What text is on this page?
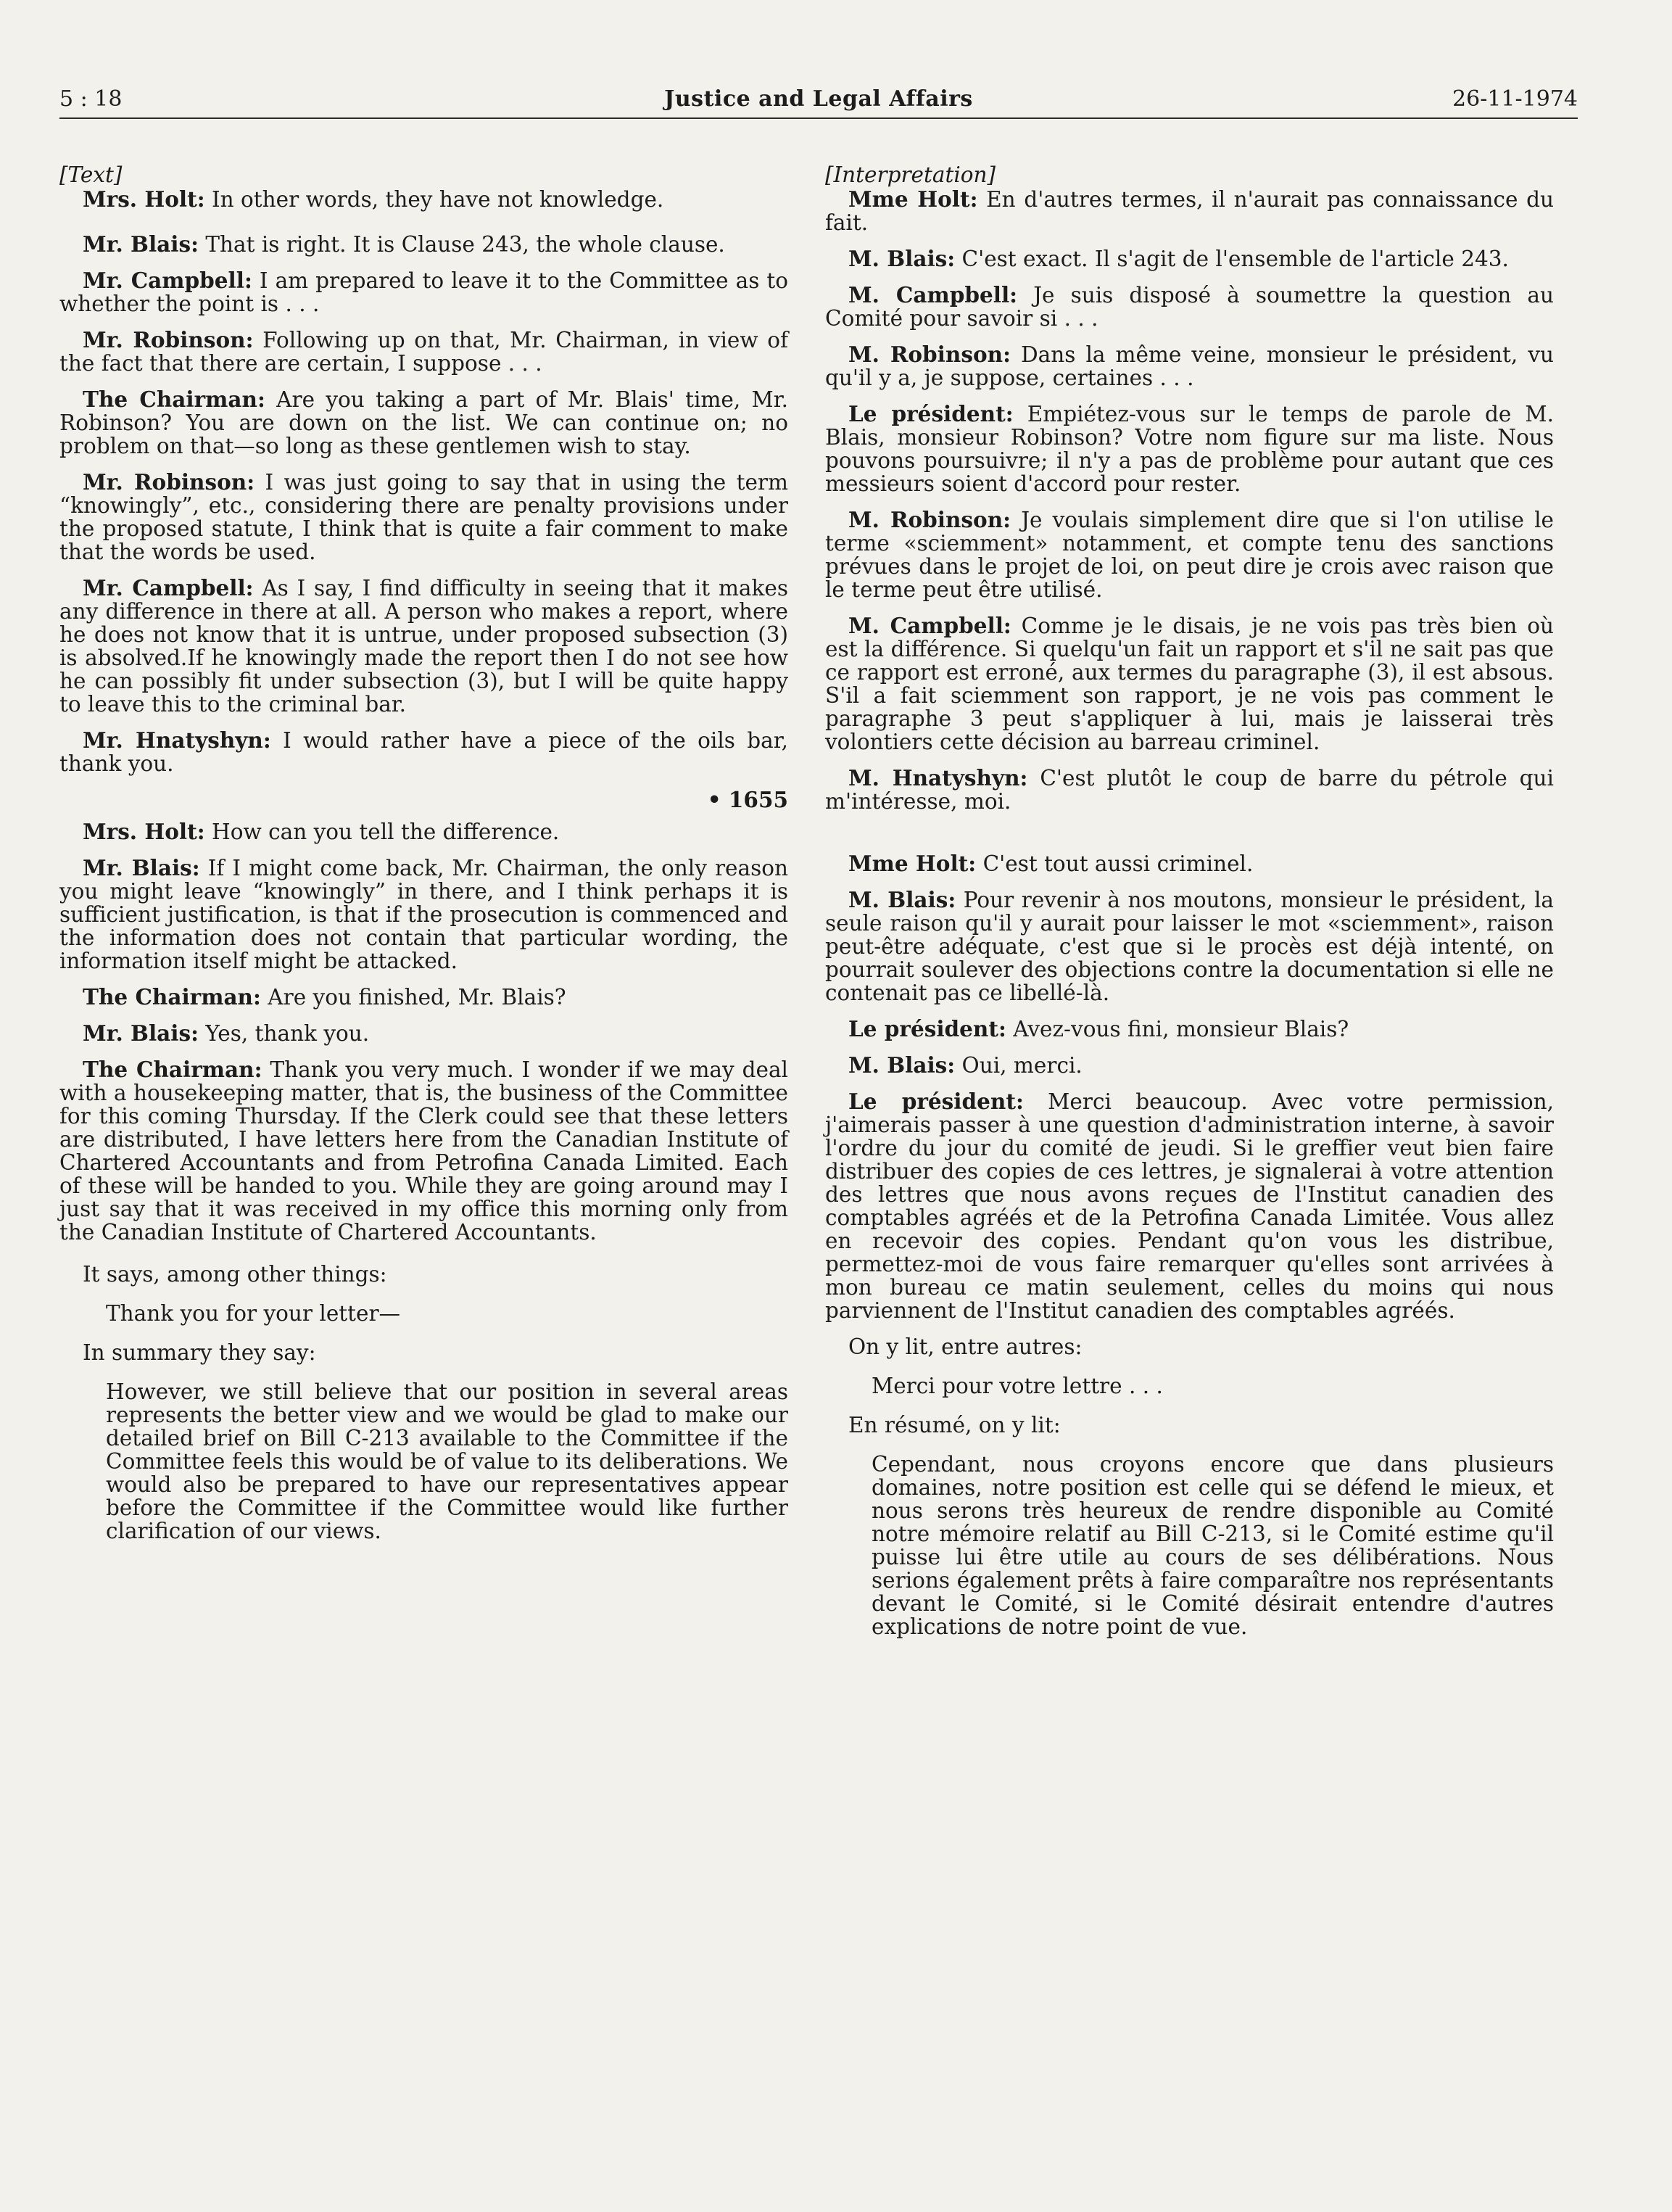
5 : 18	Justice and Legal Affairs	26-11-1974
[Text]

Mrs. Holt: In other words, they have not knowledge.

Mr. Blais: That is right. It is Clause 243, the whole clause.

Mr. Campbell: I am prepared to leave it to the Committee as to whether the point is . . .

Mr. Robinson: Following up on that, Mr. Chairman, in view of the fact that there are certain, I suppose . . .

The Chairman: Are you taking a part of Mr. Blais' time, Mr. Robinson? You are down on the list. We can continue on; no problem on that—so long as these gentlemen wish to stay.

Mr. Robinson: I was just going to say that in using the term “knowingly”, etc., considering there are penalty provisions under the proposed statute, I think that is quite a fair comment to make that the words be used.

Mr. Campbell: As I say, I find difficulty in seeing that it makes any difference in there at all. A person who makes a report, where he does not know that it is untrue, under proposed subsection (3) is absolved.If he knowingly made the report then I do not see how he can possibly fit under subsection (3), but I will be quite happy to leave this to the criminal bar.

Mr. Hnatyshyn: I would rather have a piece of the oils bar, thank you.

• 1655

Mrs. Holt: How can you tell the difference.

Mr. Blais: If I might come back, Mr. Chairman, the only reason you might leave “knowingly” in there, and I think perhaps it is sufficient justification, is that if the prosecution is commenced and the information does not contain that particular wording, the information itself might be attacked.

The Chairman: Are you finished, Mr. Blais?

Mr. Blais: Yes, thank you.

The Chairman: Thank you very much. I wonder if we may deal with a housekeeping matter, that is, the business of the Committee for this coming Thursday. If the Clerk could see that these letters are distributed, I have letters here from the Canadian Institute of Chartered Accountants and from Petrofina Canada Limited. Each of these will be handed to you. While they are going around may I just say that it was received in my office this morning only from the Canadian Institute of Chartered Accountants.

It says, among other things:
Thank you for your letter—
In summary they say:

However, we still believe that our position in several areas represents the better view and we would be glad to make our detailed brief on Bill C-213 available to the Committee if the Committee feels this would be of value to its deliberations. We would also be prepared to have our representatives appear before the Committee if the Committee would like further clarification of our views.

[Interpretation]

Mme Holt: En d'autres termes, il n'aurait pas connaissance du fait.

M. Blais: C'est exact. Il s'agit de l'ensemble de l'article 243.

M. Campbell: Je suis disposé à soumettre la question au Comité pour savoir si . . .

M. Robinson: Dans la même veine, monsieur le président, vu qu'il y a, je suppose, certaines . . .

Le président: Empiétez-vous sur le temps de parole de M. Blais, monsieur Robinson? Votre nom figure sur ma liste. Nous pouvons poursuivre; il n'y a pas de problème pour autant que ces messieurs soient d'accord pour rester.

M. Robinson: Je voulais simplement dire que si l'on utilise le terme «sciemment» notamment, et compte tenu des sanctions prévues dans le projet de loi, on peut dire je crois avec raison que le terme peut être utilisé.

M. Campbell: Comme je le disais, je ne vois pas très bien où est la différence. Si quelqu'un fait un rapport et s'il ne sait pas que ce rapport est erroné, aux termes du paragraphe (3), il est absous. S'il a fait sciemment son rapport, je ne vois pas comment le paragraphe 3 peut s'appliquer à lui, mais je laisserai très volontiers cette décision au barreau criminel.

M. Hnatyshyn: C'est plutôt le coup de barre du pétrole qui m'intéresse, moi.

Mme Holt: C'est tout aussi criminel.

M. Blais: Pour revenir à nos moutons, monsieur le président, la seule raison qu'il y aurait pour laisser le mot «sciemment», raison peut-être adéquate, c'est que si le procès est déjà intenté, on pourrait soulever des objections contre la documentation si elle ne contenait pas ce libellé-là.

Le président: Avez-vous fini, monsieur Blais?

M. Blais: Oui, merci.

Le président: Merci beaucoup. Avec votre permission, j'aimerais passer à une question d'administration interne, à savoir l'ordre du jour du comité de jeudi. Si le greffier veut bien faire distribuer des copies de ces lettres, je signalerai à votre attention des lettres que nous avons reçues de l'Institut canadien des comptables agréés et de la Petrofina Canada Limitée. Vous allez en recevoir des copies. Pendant qu'on vous les distribue, permettez-moi de vous faire remarquer qu'elles sont arrivées à mon bureau ce matin seulement, celles du moins qui nous parviennent de l'Institut canadien des comptables agréés.

On y lit, entre autres:
Merci pour votre lettre . . .
En résumé, on y lit:

Cependant, nous croyons encore que dans plusieurs domaines, notre position est celle qui se défend le mieux, et nous serons très heureux de rendre disponible au Comité notre mémoire relatif au Bill C-213, si le Comité estime qu'il puisse lui être utile au cours de ses délibérations. Nous serions également prêts à faire comparaître nos représentants devant le Comité, si le Comité désirait entendre d'autres explications de notre point de vue.
